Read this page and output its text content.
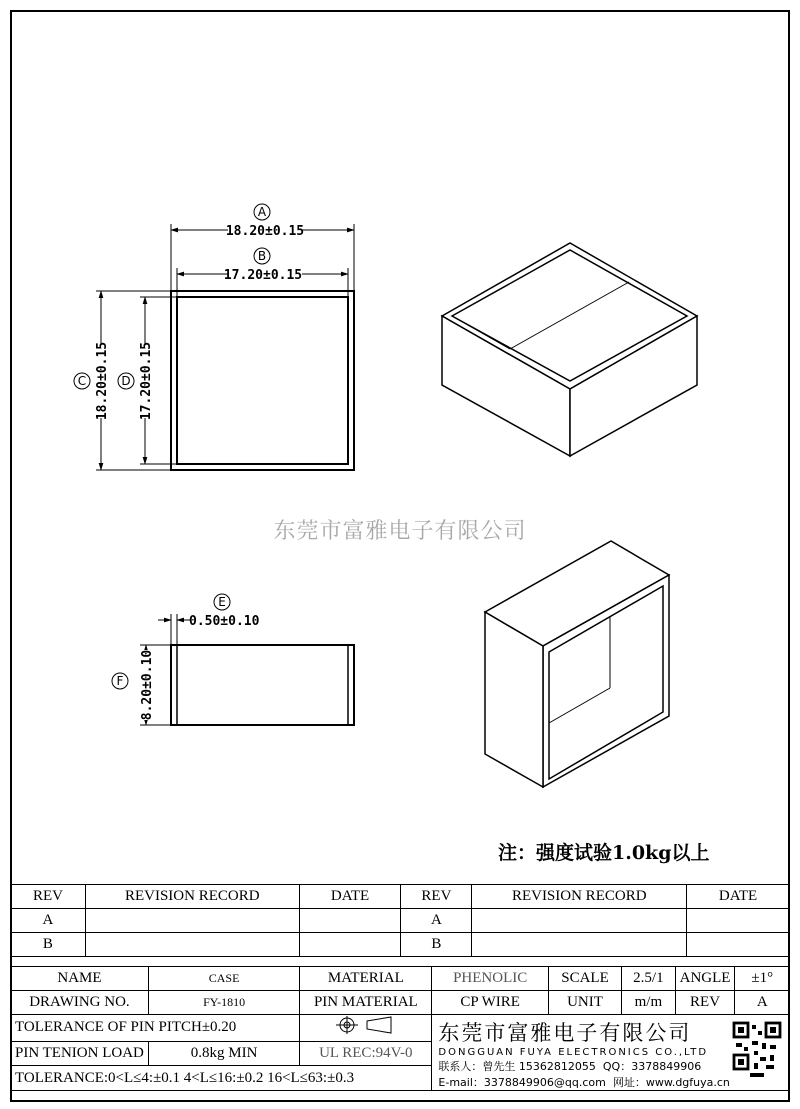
18.20±0.15
17.20±0.15
18.20±0.15 17.20±0.15
A
B
C	D
0.50±0.10
8.20±0.10
E
F
东莞市富雅电子有限公司
注：强度试验1.0kg以上
REV	REVISION RECORD	DATE	REV	REVISION RECORD	DATE
A			A		
B			B		
NAME	CASE	MATERIAL	PHENOLIC	SCALE	2.5/1	ANGLE	±1°
DRAWING NO.	FY-1810	PIN MATERIAL	CP WIRE	UNIT	m/m	REV	A
TOLERANCE OF PIN PITCH±0.20			东莞市富雅电子有限公司
DONGGUAN FUYA ELECTRONICS CO.,LTD
联系人：曾先生 15362812055 QQ：3378849906
E-mail：3378849906@qq.com 网址：www.dgfuya.cn				

PIN TENION LOAD	0.8kg MIN	UL REC:94V-0					
TOLERANCE:0<L≤4:±0.1 4<L≤16:±0.2 16<L≤63:±0.3							
